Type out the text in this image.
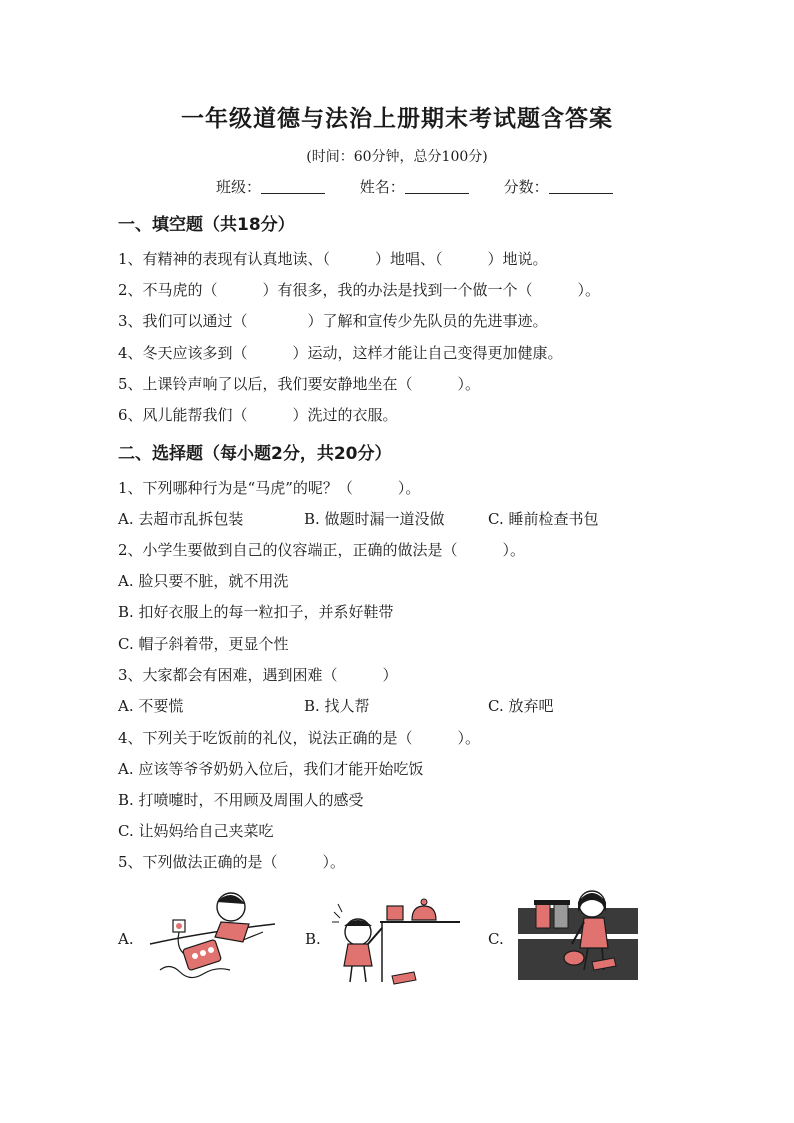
一年级道德与法治上册期末考试题含答案
(时间：60分钟，总分100分)
班级：	姓名：	分数：
一、填空题（共18分）
1、有精神的表现有认真地读、（　　　）地唱、（　　　）地说。
2、不马虎的（　　　）有很多，我的办法是找到一个做一个（　　　）。
3、我们可以通过（　　　　）了解和宣传少先队员的先进事迹。
4、冬天应该多到（　　　）运动，这样才能让自己变得更加健康。
5、上课铃声响了以后，我们要安静地坐在（　　　）。
6、风儿能帮我们（　　　）洗过的衣服。
二、选择题（每小题2分，共20分）
1、下列哪种行为是“马虎”的呢？（　　　）。
A. 去超市乱拆包装	B. 做题时漏一道没做	C. 睡前检查书包
2、小学生要做到自己的仪容端正，正确的做法是（　　　）。
A. 脸只要不脏，就不用洗
B. 扣好衣服上的每一粒扣子，并系好鞋带
C. 帽子斜着带，更显个性
3、大家都会有困难，遇到困难（　　　）
A. 不要慌	B. 找人帮	C. 放弃吧
4、下列关于吃饭前的礼仪，说法正确的是（　　　）。
A. 应该等爷爷奶奶入位后，我们才能开始吃饭
B. 打喷嚏时，不用顾及周围人的感受
C. 让妈妈给自己夹菜吃
5、下列做法正确的是（　　　）。
A.	B.	C.
